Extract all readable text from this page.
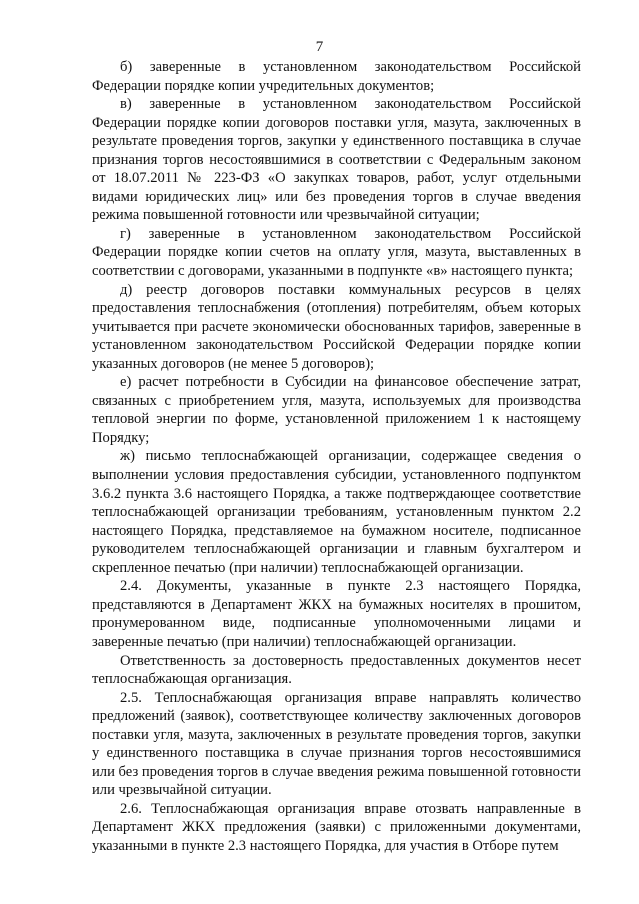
7

б) заверенные в установленном законодательством Российской Федерации порядке копии учредительных документов;

в) заверенные в установленном законодательством Российской Федерации порядке копии договоров поставки угля, мазута, заключенных в результате проведения торгов, закупки у единственного поставщика в случае признания торгов несостоявшимися в соответствии с Федеральным законом от 18.07.2011 № 223-ФЗ «О закупках товаров, работ, услуг отдельными видами юридических лиц» или без проведения торгов в случае введения режима повышенной готовности или чрезвычайной ситуации;

г) заверенные в установленном законодательством Российской Федерации порядке копии счетов на оплату угля, мазута, выставленных в соответствии с договорами, указанными в подпункте «в» настоящего пункта;

д) реестр договоров поставки коммунальных ресурсов в целях предоставления теплоснабжения (отопления) потребителям, объем которых учитывается при расчете экономически обоснованных тарифов, заверенные в установленном законодательством Российской Федерации порядке копии указанных договоров (не менее 5 договоров);

е) расчет потребности в Субсидии на финансовое обеспечение затрат, связанных с приобретением угля, мазута, используемых для производства тепловой энергии по форме, установленной приложением 1 к настоящему Порядку;

ж) письмо теплоснабжающей организации, содержащее сведения о выполнении условия предоставления субсидии, установленного подпунктом 3.6.2 пункта 3.6 настоящего Порядка, а также подтверждающее соответствие теплоснабжающей организации требованиям, установленным пунктом 2.2 настоящего Порядка, представляемое на бумажном носителе, подписанное руководителем теплоснабжающей организации и главным бухгалтером и скрепленное печатью (при наличии) теплоснабжающей организации.

2.4. Документы, указанные в пункте 2.3 настоящего Порядка, представляются в Департамент ЖКХ на бумажных носителях в прошитом, пронумерованном виде, подписанные уполномоченными лицами и заверенные печатью (при наличии) теплоснабжающей организации.

Ответственность за достоверность предоставленных документов несет теплоснабжающая организация.

2.5. Теплоснабжающая организация вправе направлять количество предложений (заявок), соответствующее количеству заключенных договоров поставки угля, мазута, заключенных в результате проведения торгов, закупки у единственного поставщика в случае признания торгов несостоявшимися или без проведения торгов в случае введения режима повышенной готовности или чрезвычайной ситуации.

2.6. Теплоснабжающая организация вправе отозвать направленные в Департамент ЖКХ предложения (заявки) с приложенными документами, указанными в пункте 2.3 настоящего Порядка, для участия в Отборе путем
